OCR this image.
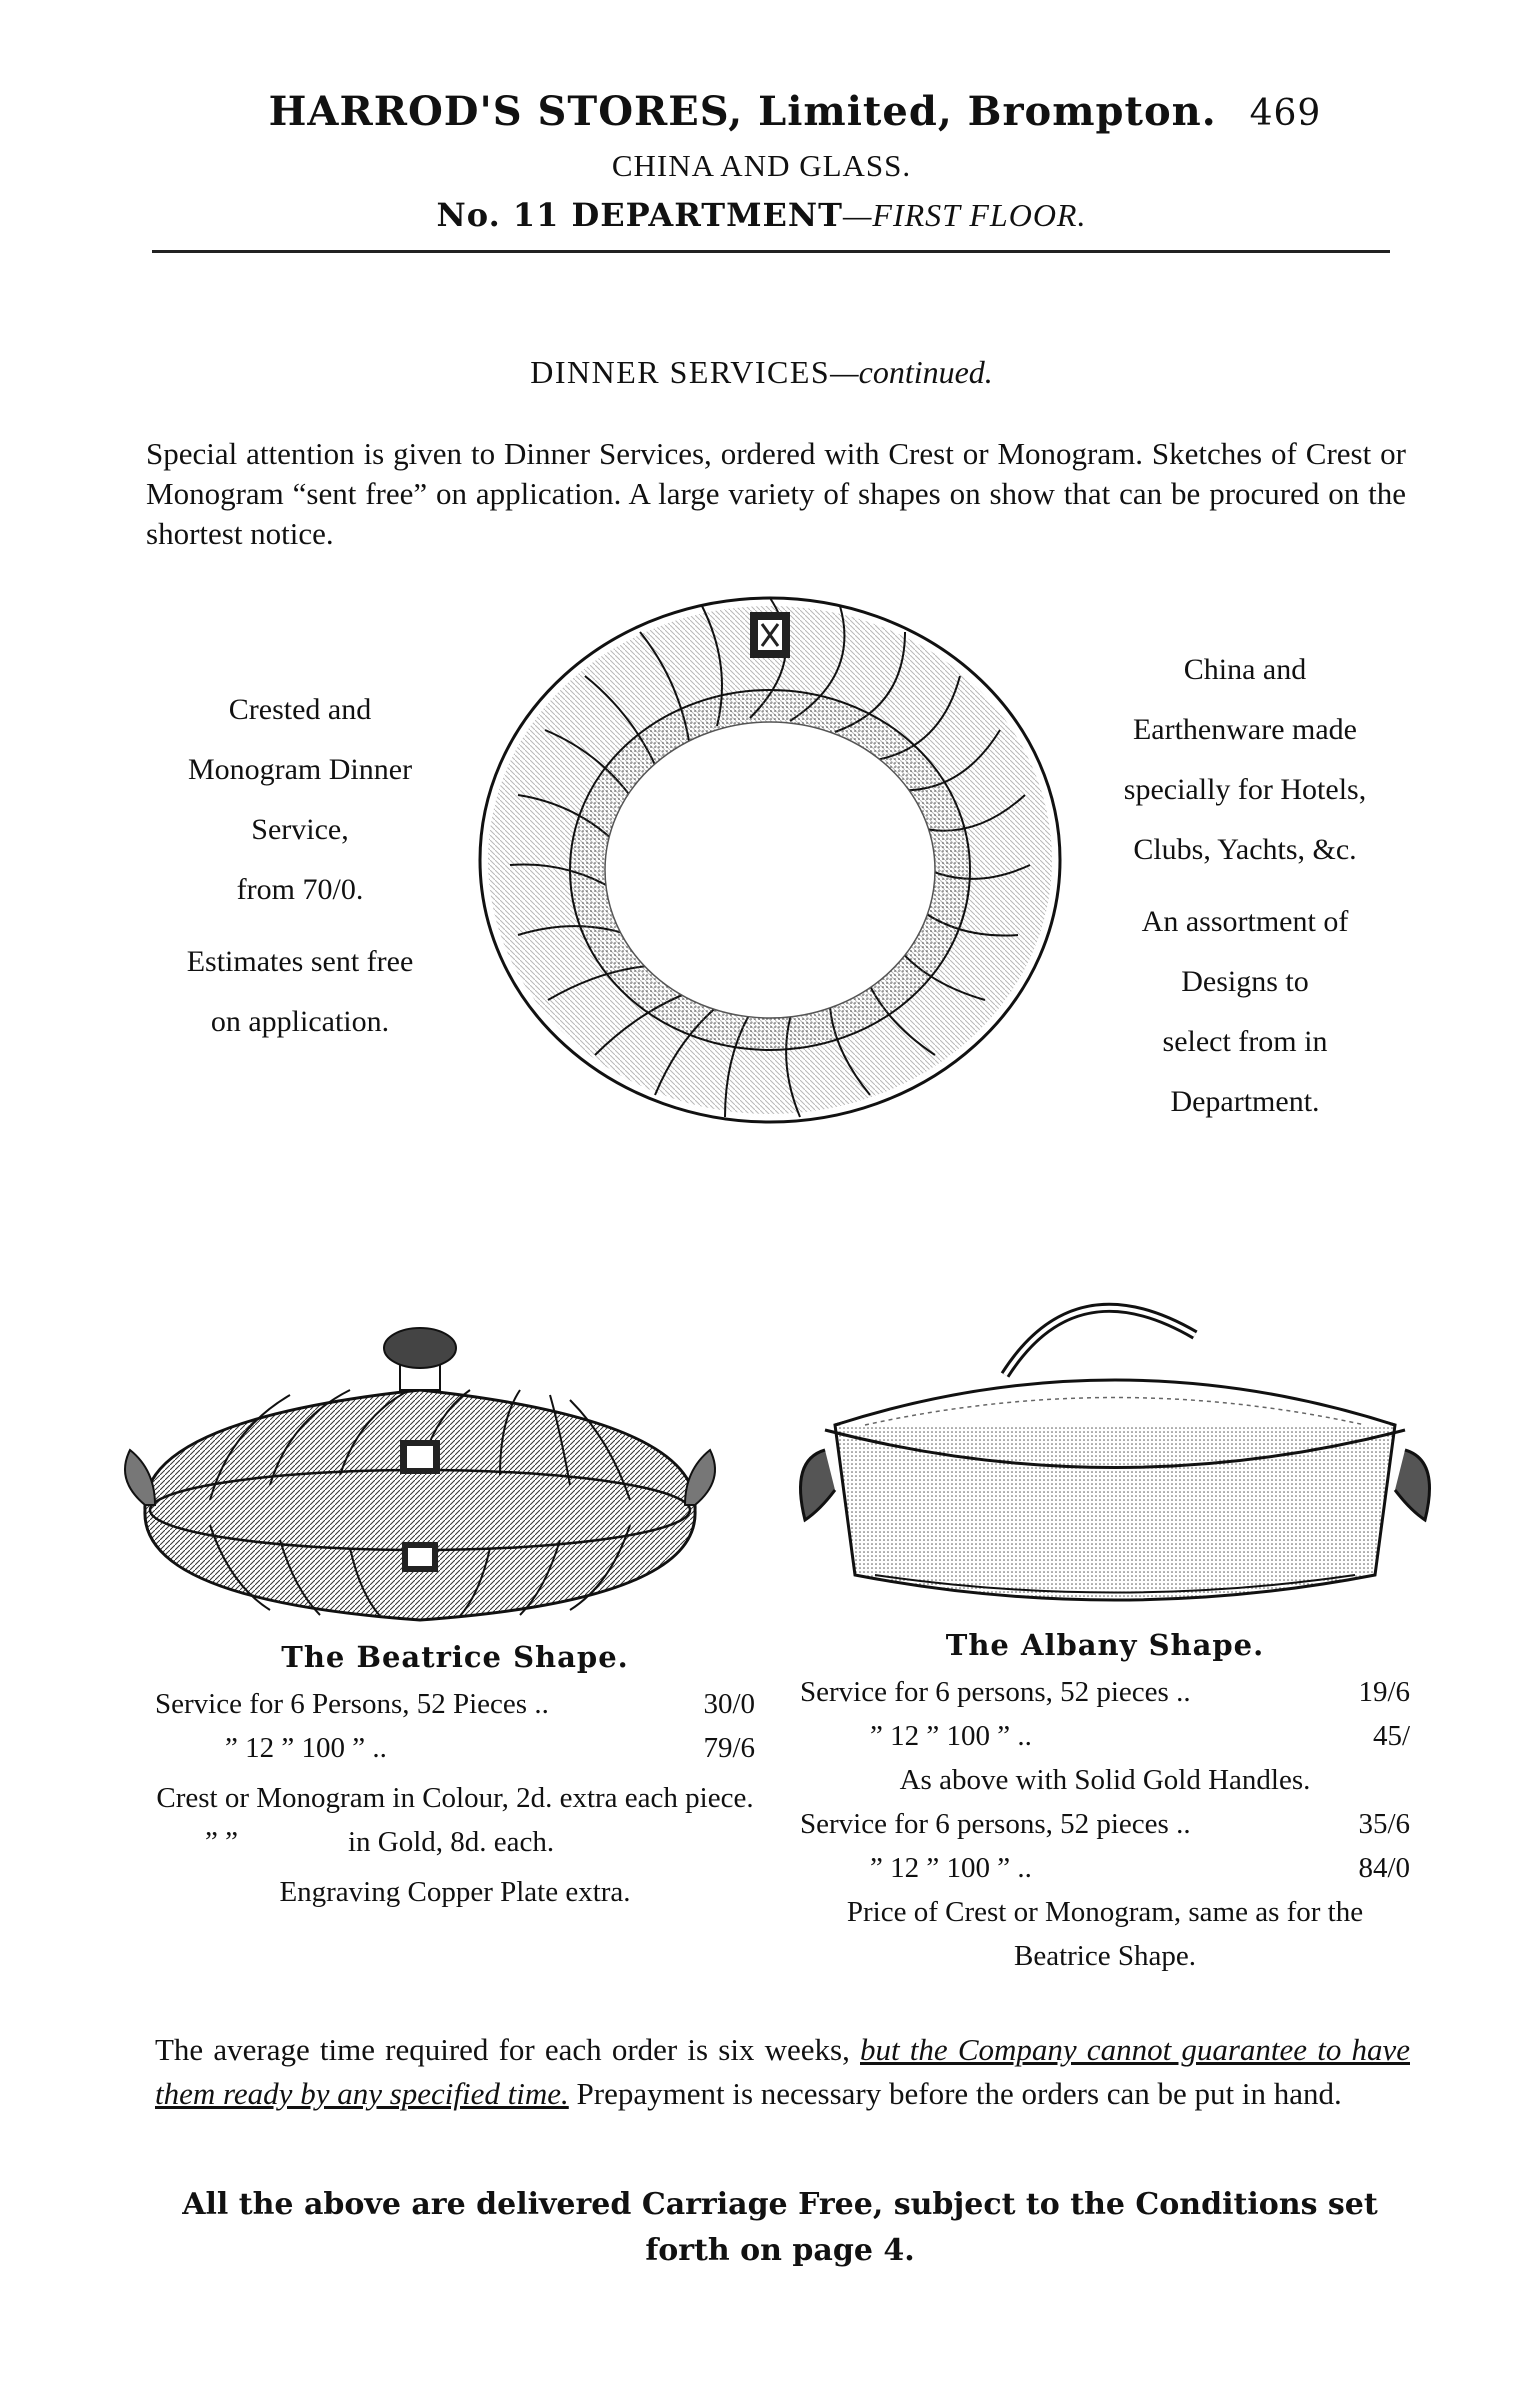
HARROD'S STORES, Limited, Brompton. 469
CHINA AND GLASS.
No. 11 DEPARTMENT—FIRST FLOOR.
DINNER SERVICES—continued.
Special attention is given to Dinner Services, ordered with Crest or Monogram. Sketches of Crest or Monogram “sent free” on application. A large variety of shapes on show that can be procured on the shortest notice.
Crested and
Monogram Dinner
Service,
from 70/0.
Estimates sent free
on application.
China and
Earthenware made
specially for Hotels,
Clubs, Yachts, &c.
An assortment of
Designs to
select from in
Department.
The Beatrice Shape.
Service for 6 Persons, 52 Pieces ..	30/0
” 12 ” 100 ” ..	79/6
Crest or Monogram in Colour, 2d. extra each piece.
” ”	in Gold, 8d. each.
Engraving Copper Plate extra.
The Albany Shape.
Service for 6 persons, 52 pieces ..	19/6
” 12 ” 100 ” ..	45/
As above with Solid Gold Handles.
Service for 6 persons, 52 pieces ..	35/6
” 12 ” 100 ” ..	84/0
Price of Crest or Monogram, same as for the Beatrice Shape.
The average time required for each order is six weeks, but the Company cannot guarantee to have them ready by any specified time. Prepayment is necessary before the orders can be put in hand.
All the above are delivered Carriage Free, subject to the Conditions set forth on page 4.
